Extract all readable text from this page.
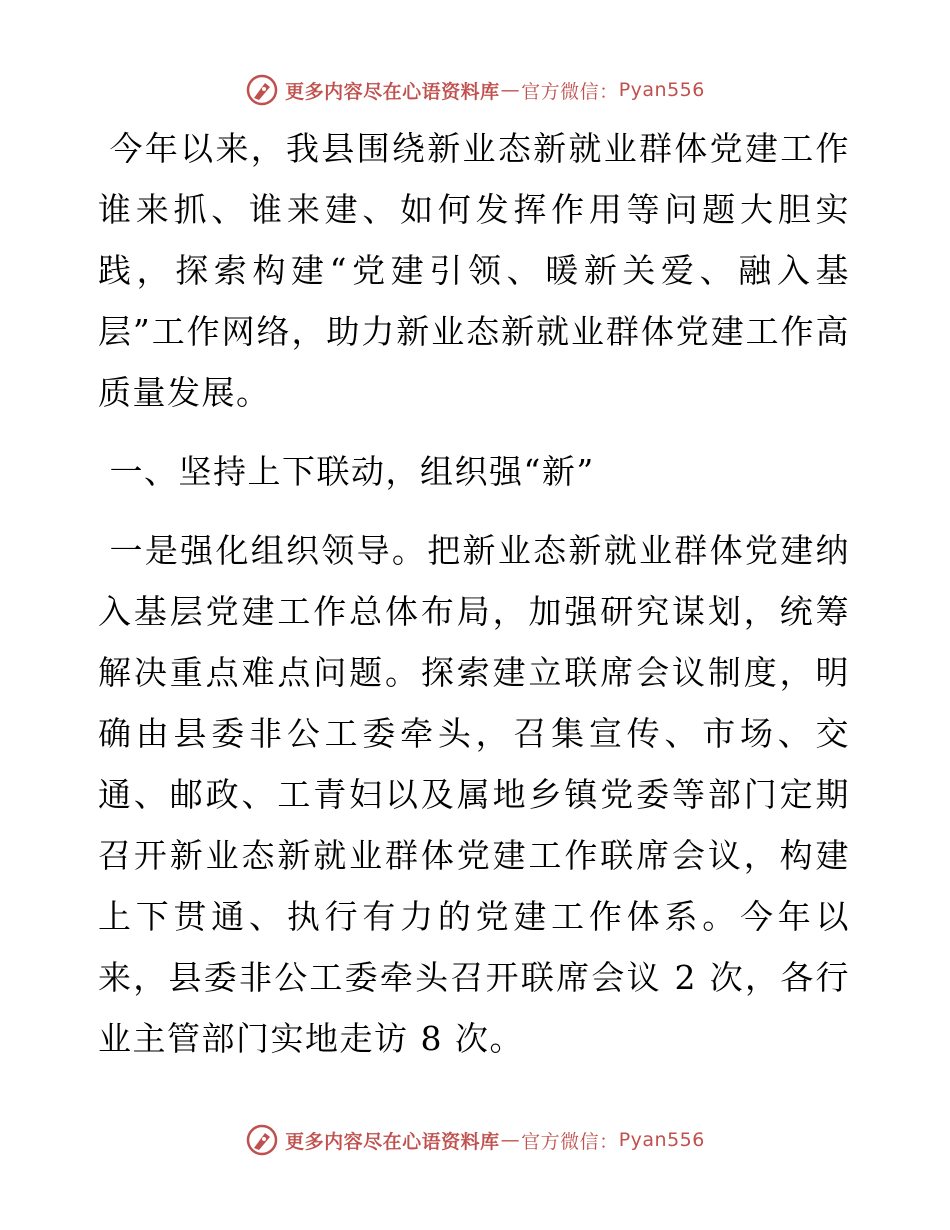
更多内容尽在心语资料库 — 官方微信： Pyan556

今年以来，我县围绕新业态新就业群体党建工作谁来抓、谁来建、如何发挥作用等问题大胆实践，探索构建“党建引领、暖新关爱、融入基层”工作网络，助力新业态新就业群体党建工作高质量发展。

一、坚持上下联动，组织强“新”

一是强化组织领导。把新业态新就业群体党建纳入基层党建工作总体布局，加强研究谋划，统筹解决重点难点问题。探索建立联席会议制度，明确由县委非公工委牵头，召集宣传、市场、交通、邮政、工青妇以及属地乡镇党委等部门定期召开新业态新就业群体党建工作联席会议，构建上下贯通、执行有力的党建工作体系。今年以来，县委非公工委牵头召开联席会议 2 次，各行业主管部门实地走访 8 次。

更多内容尽在心语资料库 — 官方微信： Pyan556
